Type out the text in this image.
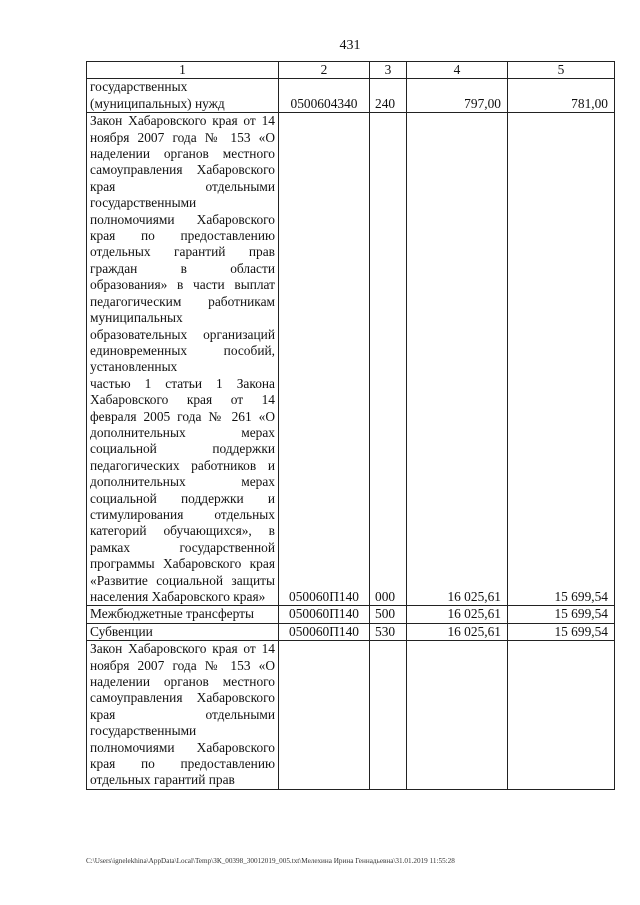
431
1	2	3	4	5
государственных (муниципальных) нужд	0500604340	240	797,00	781,00

Закон Хабаровского края от 14 ноября 2007 года № 153 «О наделении органов местного самоуправления Хабаровского края отдельными государственными полномочиями Хабаровского края по предоставлению отдельных гарантий прав граждан в области образования» в части выплат педагогическим работникам муниципальных образовательных организаций единовременных пособий, установленных
частью 1 статьи 1 Закона Хабаровского края от 14 февраля 2005 года № 261 «О дополнительных мерах социальной поддержки педагогических работников и дополнительных мерах социальной поддержки и стимулирования отдельных категорий обучающихся», в рамках государственной программы Хабаровского края «Развитие социальной защиты населения Хабаровского края»	050060П140	000	16 025,61	15 699,54
Межбюджетные трансферты	050060П140	500	16 025,61	15 699,54
Субвенции	050060П140	530	16 025,61	15 699,54
Закон Хабаровского края от 14 ноября 2007 года № 153 «О наделении органов местного самоуправления Хабаровского края отдельными государственными полномочиями Хабаровского края по предоставлению отдельных гарантий прав				
C:\Users\ignelekhina\AppData\Local\Temp\ЗК_00398_30012019_005.txt\Мелехина Ирина Геннадьевна\31.01.2019 11:55:28
